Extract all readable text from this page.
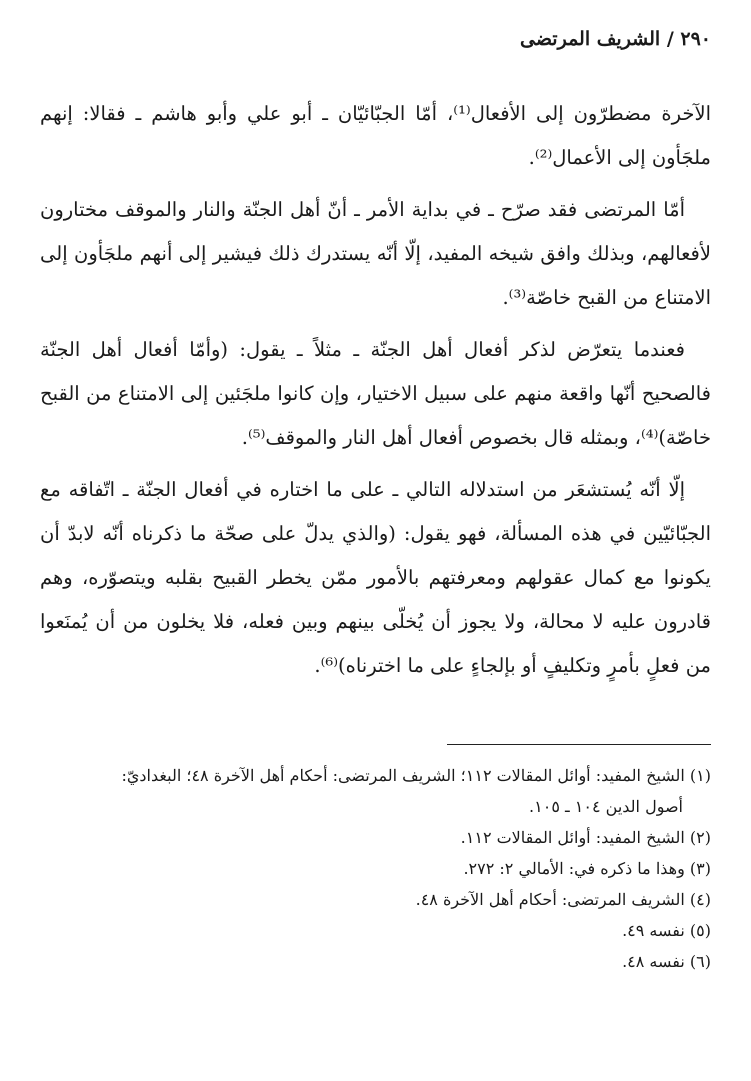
٢٩٠ / الشريف المرتضى

الآخرة مضطرّون إلى الأفعال⁽¹⁾، أمّا الجبّائيّان ـ أبو علي وأبو هاشم ـ فقالا: إنهم ملجَأون إلى الأعمال⁽²⁾.

أمّا المرتضى فقد صرّح ـ في بداية الأمر ـ أنّ أهل الجنّة والنار والموقف مختارون لأفعالهم، وبذلك وافق شيخه المفيد، إلّا أنّه يستدرك ذلك فيشير إلى أنهم ملجَأون إلى الامتناع من القبح خاصّة⁽³⁾.

فعندما يتعرّض لذكر أفعال أهل الجنّة ـ مثلاً ـ يقول: (وأمّا أفعال أهل الجنّة فالصحيح أنّها واقعة منهم على سبيل الاختيار، وإن كانوا ملجَئين إلى الامتناع من القبح خاصّة)⁽⁴⁾، وبمثله قال بخصوص أفعال أهل النار والموقف⁽⁵⁾.

إلّا أنّه يُستشعَر من استدلاله التالي ـ على ما اختاره في أفعال الجنّة ـ اتّفاقه مع الجبّائيّين في هذه المسألة، فهو يقول: (والذي يدلّ على صحّة ما ذكرناه أنّه لابدّ أن يكونوا مع كمال عقولهم ومعرفتهم بالأمور ممّن يخطر القبيح بقلبه ويتصوّره، وهم قادرون عليه لا محالة، ولا يجوز أن يُخلّى بينهم وبين فعله، فلا يخلون من أن يُمنَعوا من فعلٍ بأمرٍ وتكليفٍ أو بإلجاءٍ على ما اخترناه)⁽⁶⁾.

(١) الشيخ المفيد: أوائل المقالات ١١٢؛ الشريف المرتضى: أحكام أهل الآخرة ٤٨؛ البغداديّ:

أصول الدين ١٠٤ ـ ١٠٥.

(٢) الشيخ المفيد: أوائل المقالات ١١٢.

(٣) وهذا ما ذكره في: الأمالي ٢: ٢٧٢.

(٤) الشريف المرتضى: أحكام أهل الآخرة ٤٨.

(٥) نفسه ٤٩.

(٦) نفسه ٤٨.
